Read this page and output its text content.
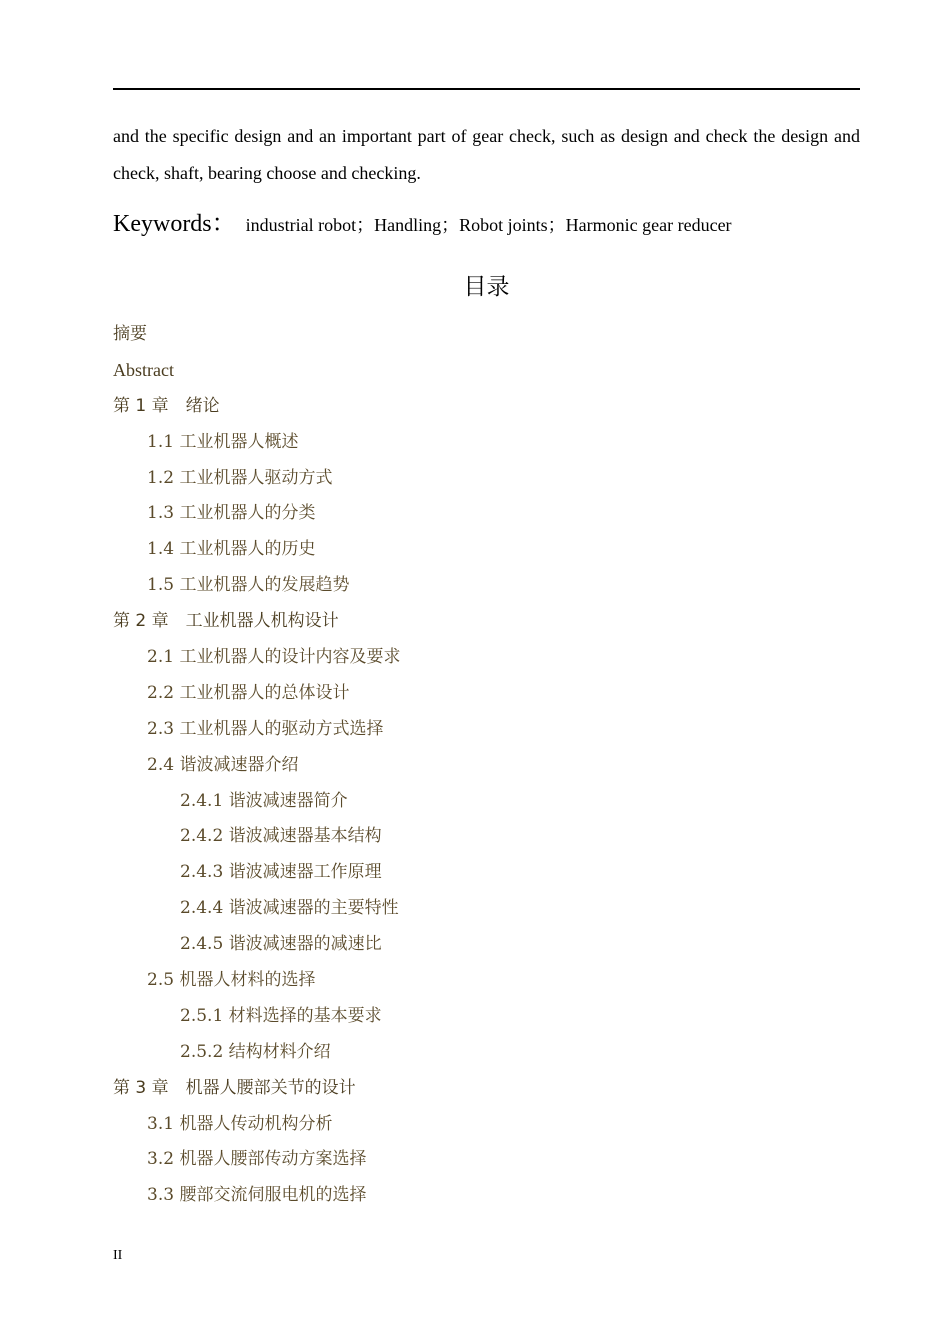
and the specific design and an important part of gear check, such as design and check the design and check, shaft, bearing choose and checking.

Keywords： industrial robot；Handling；Robot joints；Harmonic gear reducer
目录
摘要
Abstract
第 1 章　绪论
1.1 工业机器人概述
1.2 工业机器人驱动方式
1.3 工业机器人的分类
1.4 工业机器人的历史
1.5 工业机器人的发展趋势
第 2 章　工业机器人机构设计
2.1 工业机器人的设计内容及要求
2.2 工业机器人的总体设计
2.3 工业机器人的驱动方式选择
2.4 谐波减速器介绍
2.4.1 谐波减速器简介
2.4.2 谐波减速器基本结构
2.4.3 谐波减速器工作原理
2.4.4 谐波减速器的主要特性
2.4.5 谐波减速器的减速比
2.5 机器人材料的选择
2.5.1 材料选择的基本要求
2.5.2 结构材料介绍
第 3 章　机器人腰部关节的设计
3.1 机器人传动机构分析
3.2 机器人腰部传动方案选择
3.3 腰部交流伺服电机的选择
II
